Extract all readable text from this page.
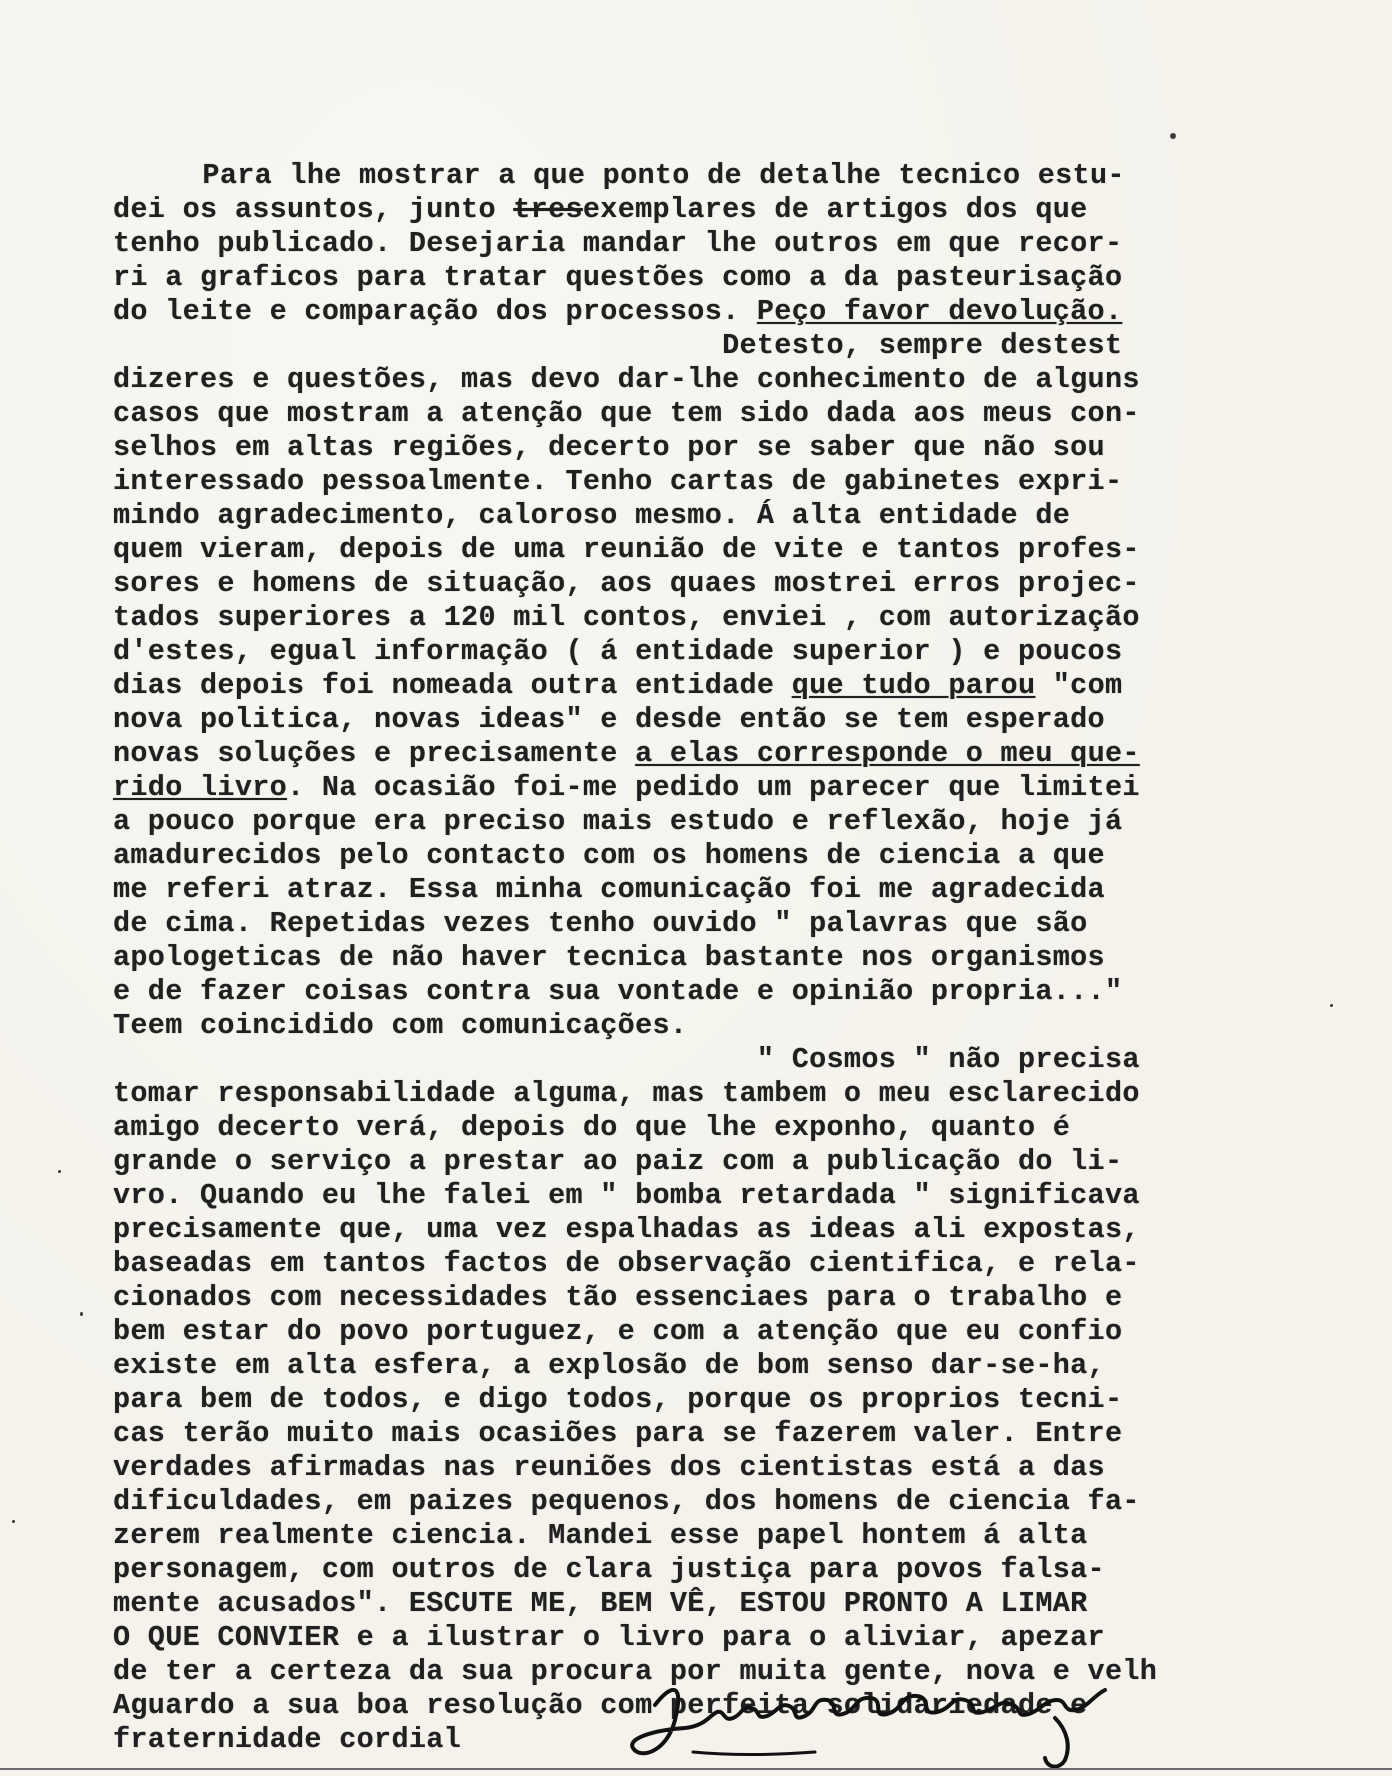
Para lhe mostrar a que ponto de detalhe tecnico estu-
dei os assuntos, junto tresexemplares de artigos dos que
tenho publicado. Desejaria mandar lhe outros em que recor-
ri a graficos para tratar questões como a da pasteurisação
do leite e comparação dos processos. Peço favor devolução.
Detesto, sempre destest
dizeres e questões, mas devo dar-lhe conhecimento de alguns
casos que mostram a atenção que tem sido dada aos meus con-
selhos em altas regiões, decerto por se saber que não sou
interessado pessoalmente. Tenho cartas de gabinetes expri-
mindo agradecimento, caloroso mesmo. Á alta entidade de
quem vieram, depois de uma reunião de vite e tantos profes-
sores e homens de situação, aos quaes mostrei erros projec-
tados superiores a 120 mil contos, enviei , com autorização
d'estes, egual informação ( á entidade superior ) e poucos
dias depois foi nomeada outra entidade que tudo parou "com
nova politica, novas ideas" e desde então se tem esperado
novas soluções e precisamente a elas corresponde o meu que-
rido livro. Na ocasião foi-me pedido um parecer que limitei
a pouco porque era preciso mais estudo e reflexão, hoje já
amadurecidos pelo contacto com os homens de ciencia a que
me referi atraz. Essa minha comunicação foi me agradecida
de cima. Repetidas vezes tenho ouvido " palavras que são
apologeticas de não haver tecnica bastante nos organismos
e de fazer coisas contra sua vontade e opinião propria..."
Teem coincidido com comunicações.
" Cosmos " não precisa
tomar responsabilidade alguma, mas tambem o meu esclarecido
amigo decerto verá, depois do que lhe exponho, quanto é
grande o serviço a prestar ao paiz com a publicação do li-
vro. Quando eu lhe falei em " bomba retardada " significava
precisamente que, uma vez espalhadas as ideas ali expostas,
baseadas em tantos factos de observação cientifica, e rela-
cionados com necessidades tão essenciaes para o trabalho e
bem estar do povo portuguez, e com a atenção que eu confio
existe em alta esfera, a explosão de bom senso dar-se-ha,
para bem de todos, e digo todos, porque os proprios tecni-
cas terão muito mais ocasiões para se fazerem valer. Entre
verdades afirmadas nas reuniões dos cientistas está a das
dificuldades, em paizes pequenos, dos homens de ciencia fa-
zerem realmente ciencia. Mandei esse papel hontem á alta
personagem, com outros de clara justiça para povos falsa-
mente acusados". ESCUTE ME, BEM VÊ, ESTOU PRONTO A LIMAR
O QUE CONVIER e a ilustrar o livro para o aliviar, apezar
de ter a certeza da sua procura por muita gente, nova e velh
Aguardo a sua boa resolução com perfeita solidariedade e
fraternidade cordial
